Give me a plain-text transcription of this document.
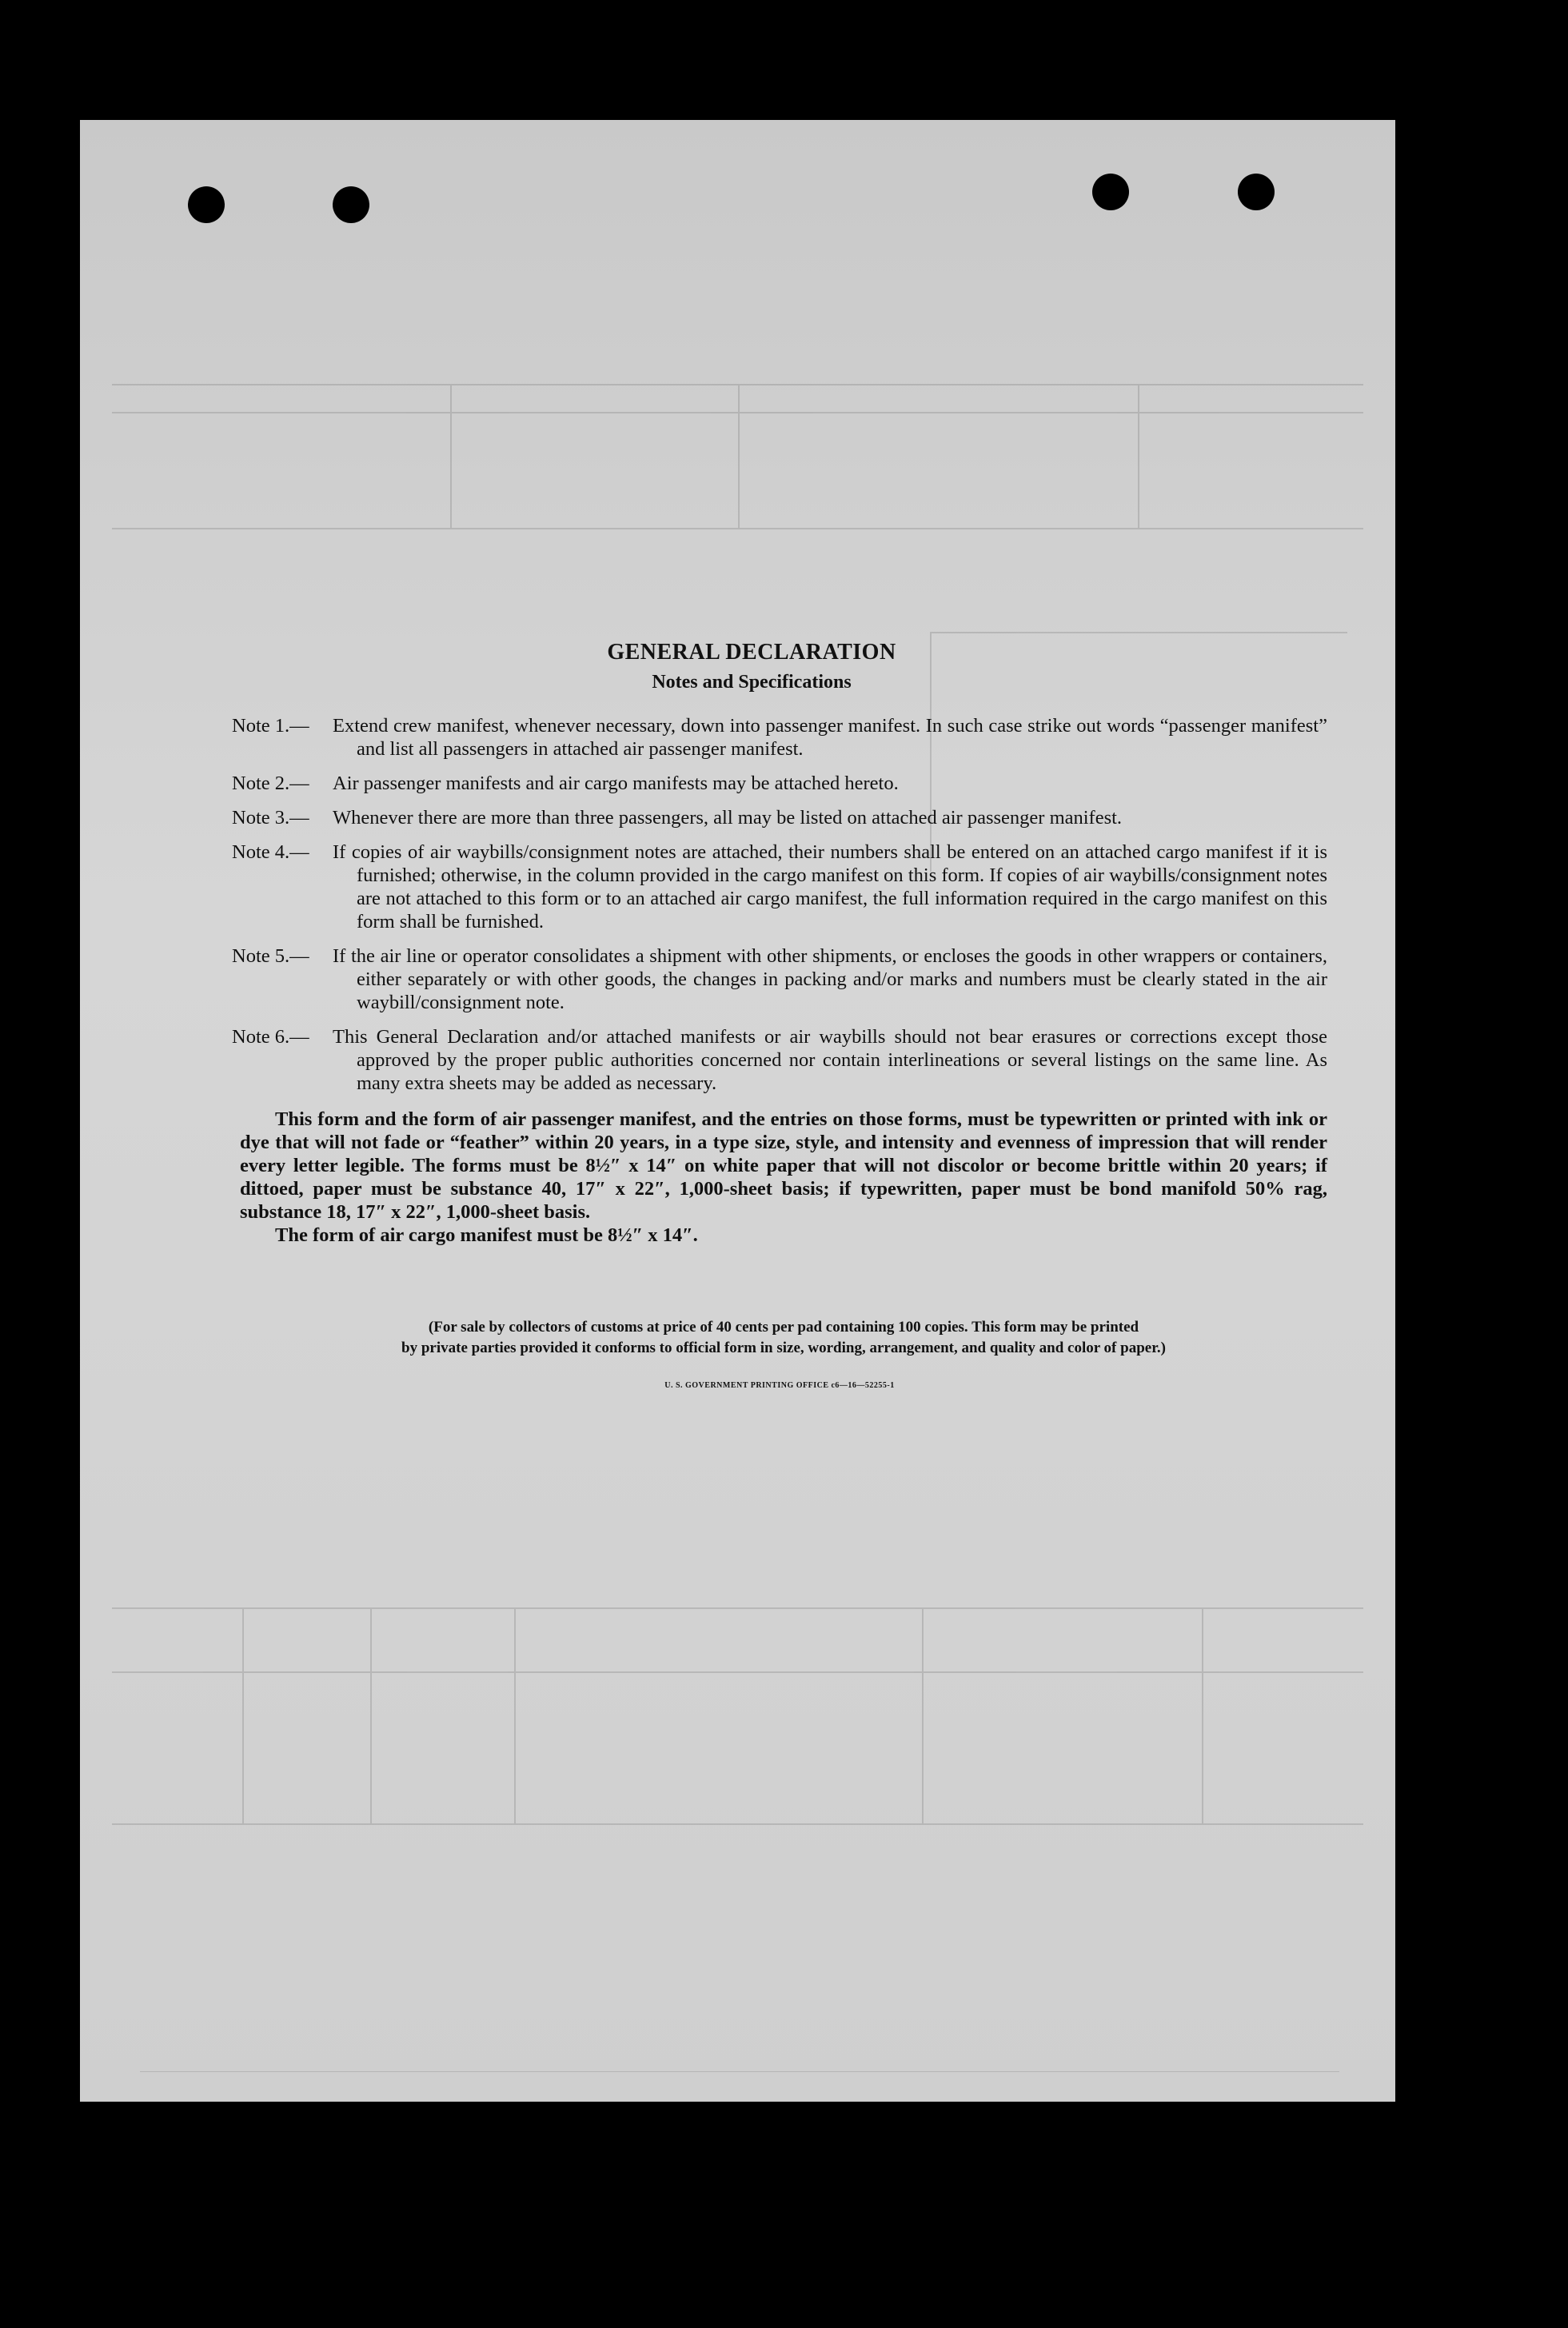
GENERAL DECLARATION
Notes and Specifications
Note 1.—	Extend crew manifest, whenever necessary, down into passenger manifest. In such case strike out words “passenger manifest” and list all passengers in attached air passenger manifest.
Note 2.—	Air passenger manifests and air cargo manifests may be attached hereto.
Note 3.—	Whenever there are more than three passengers, all may be listed on attached air passenger manifest.
Note 4.—	If copies of air waybills/consignment notes are attached, their numbers shall be entered on an attached cargo manifest if it is furnished; otherwise, in the column provided in the cargo manifest on this form. If copies of air waybills/consignment notes are not attached to this form or to an attached air cargo manifest, the full information required in the cargo manifest on this form shall be furnished.
Note 5.—	If the air line or operator consolidates a shipment with other shipments, or encloses the goods in other wrappers or containers, either separately or with other goods, the changes in packing and/or marks and numbers must be clearly stated in the air waybill/consignment note.
Note 6.—	This General Declaration and/or attached manifests or air waybills should not bear erasures or corrections except those approved by the proper public authorities concerned nor contain interlineations or several listings on the same line. As many extra sheets may be added as necessary.
This form and the form of air passenger manifest, and the entries on those forms, must be typewritten or printed with ink or dye that will not fade or “feather” within 20 years, in a type size, style, and intensity and evenness of impression that will render every letter legible. The forms must be 8½″ x 14″ on white paper that will not discolor or become brittle within 20 years; if dittoed, paper must be substance 40, 17″ x 22″, 1,000-sheet basis; if typewritten, paper must be bond manifold 50% rag, substance 18, 17″ x 22″, 1,000-sheet basis.
The form of air cargo manifest must be 8½″ x 14″.
(For sale by collectors of customs at price of 40 cents per pad containing 100 copies. This form may be printed
by private parties provided it conforms to official form in size, wording, arrangement, and quality and color of paper.)
U. S. GOVERNMENT PRINTING OFFICE c6—16—52255-1
